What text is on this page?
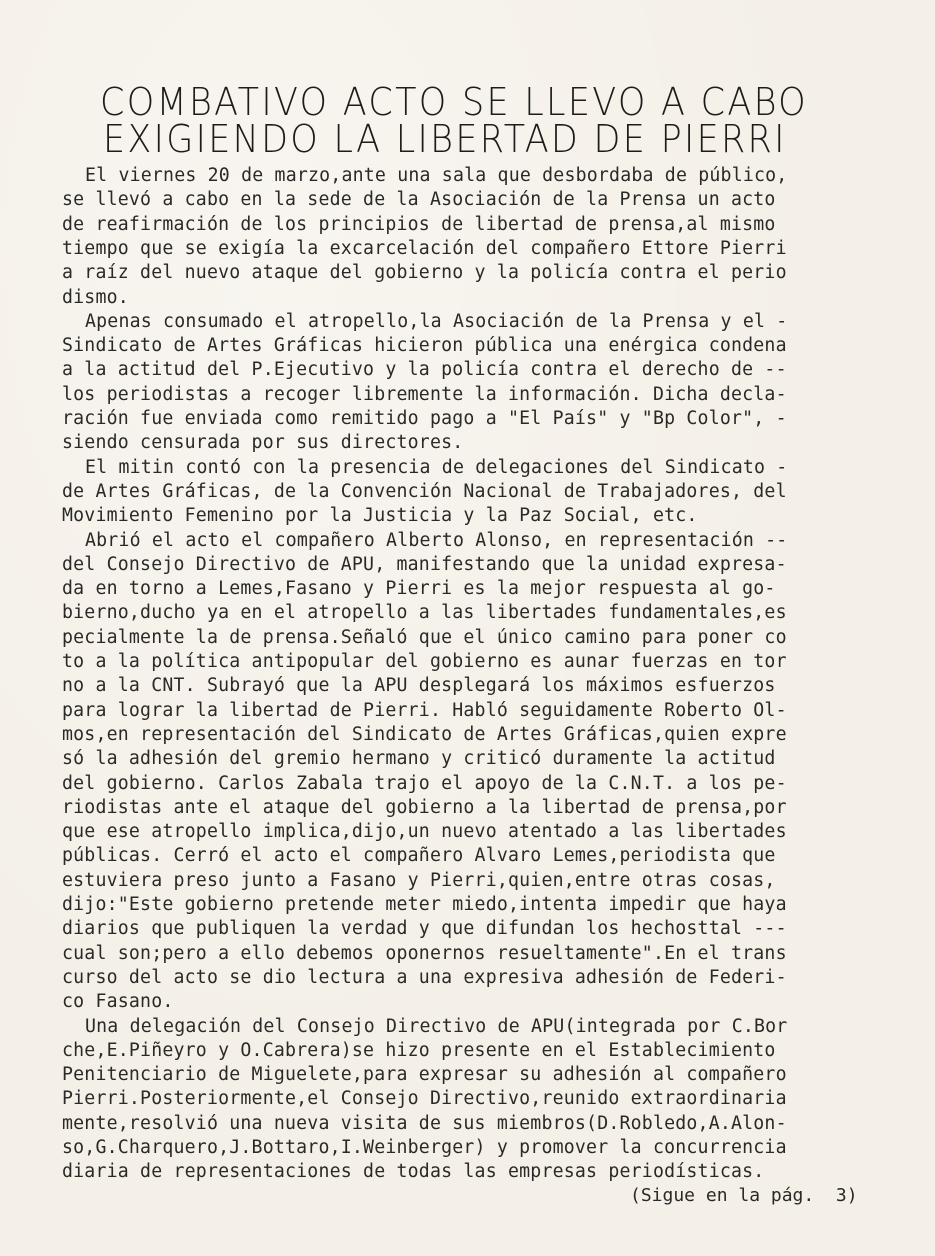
COMBATIVO ACTO SE LLEVO A CABO
EXIGIENDO LA LIBERTAD DE PIERRI
El viernes 20 de marzo,ante una sala que desbordaba de público,
se llevó a cabo en la sede de la Asociación de la Prensa un acto
de reafirmación de los principios de libertad de prensa,al mismo
tiempo que se exigía la excarcelación del compañero Ettore Pierri
a raíz del nuevo ataque del gobierno y la policía contra el perio
dismo.
Apenas consumado el atropello,la Asociación de la Prensa y el -
Sindicato de Artes Gráficas hicieron pública una enérgica condena
a la actitud del P.Ejecutivo y la policía contra el derecho de --
los periodistas a recoger libremente la información. Dicha decla-
ración fue enviada como remitido pago a "El País" y "Bp Color", -
siendo censurada por sus directores.
El mitin contó con la presencia de delegaciones del Sindicato -
de Artes Gráficas, de la Convención Nacional de Trabajadores, del
Movimiento Femenino por la Justicia y la Paz Social, etc.
Abrió el acto el compañero Alberto Alonso, en representación --
del Consejo Directivo de APU, manifestando que la unidad expresa-
da en torno a Lemes,Fasano y Pierri es la mejor respuesta al go-
bierno,ducho ya en el atropello a las libertades fundamentales,es
pecialmente la de prensa.Señaló que el único camino para poner co
to a la política antipopular del gobierno es aunar fuerzas en tor
no a la CNT. Subrayó que la APU desplegará los máximos esfuerzos
para lograr la libertad de Pierri. Habló seguidamente Roberto Ol-
mos,en representación del Sindicato de Artes Gráficas,quien expre
só la adhesión del gremio hermano y criticó duramente la actitud
del gobierno. Carlos Zabala trajo el apoyo de la C.N.T. a los pe-
riodistas ante el ataque del gobierno a la libertad de prensa,por
que ese atropello implica,dijo,un nuevo atentado a las libertades
públicas. Cerró el acto el compañero Alvaro Lemes,periodista que
estuviera preso junto a Fasano y Pierri,quien,entre otras cosas,
dijo:"Este gobierno pretende meter miedo,intenta impedir que haya
diarios que publiquen la verdad y que difundan los hechosttal ---
cual son;pero a ello debemos oponernos resueltamente".En el trans
curso del acto se dio lectura a una expresiva adhesión de Federi-
co Fasano.
Una delegación del Consejo Directivo de APU(integrada por C.Bor
che,E.Piñeyro y O.Cabrera)se hizo presente en el Establecimiento
Penitenciario de Miguelete,para expresar su adhesión al compañero
Pierri.Posteriormente,el Consejo Directivo,reunido extraordinaria
mente,resolvió una nueva visita de sus miembros(D.Robledo,A.Alon-
so,G.Charquero,J.Bottaro,I.Weinberger) y promover la concurrencia
diaria de representaciones de todas las empresas periodísticas.
(Sigue en la pág.  3)
